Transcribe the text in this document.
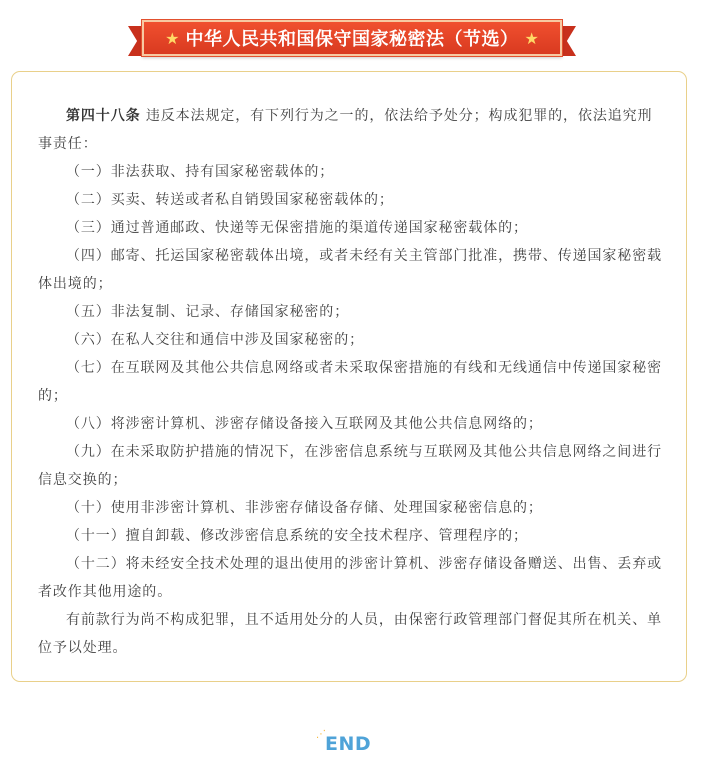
★ 中华人民共和国保守国家秘密法（节选） ★

第四十八条 违反本法规定，有下列行为之一的，依法给予处分；构成犯罪的，依法追究刑事责任：

（一）非法获取、持有国家秘密载体的；

（二）买卖、转送或者私自销毁国家秘密载体的；

（三）通过普通邮政、快递等无保密措施的渠道传递国家秘密载体的；

（四）邮寄、托运国家秘密载体出境，或者未经有关主管部门批准，携带、传递国家秘密载体出境的；

（五）非法复制、记录、存储国家秘密的；

（六）在私人交往和通信中涉及国家秘密的；

（七）在互联网及其他公共信息网络或者未采取保密措施的有线和无线通信中传递国家秘密的；

（八）将涉密计算机、涉密存储设备接入互联网及其他公共信息网络的；

（九）在未采取防护措施的情况下，在涉密信息系统与互联网及其他公共信息网络之间进行信息交换的；

（十）使用非涉密计算机、非涉密存储设备存储、处理国家秘密信息的；

（十一）擅自卸载、修改涉密信息系统的安全技术程序、管理程序的；

（十二）将未经安全技术处理的退出使用的涉密计算机、涉密存储设备赠送、出售、丢弃或者改作其他用途的。

有前款行为尚不构成犯罪，且不适用处分的人员，由保密行政管理部门督促其所在机关、单位予以处理。

⋰ END
